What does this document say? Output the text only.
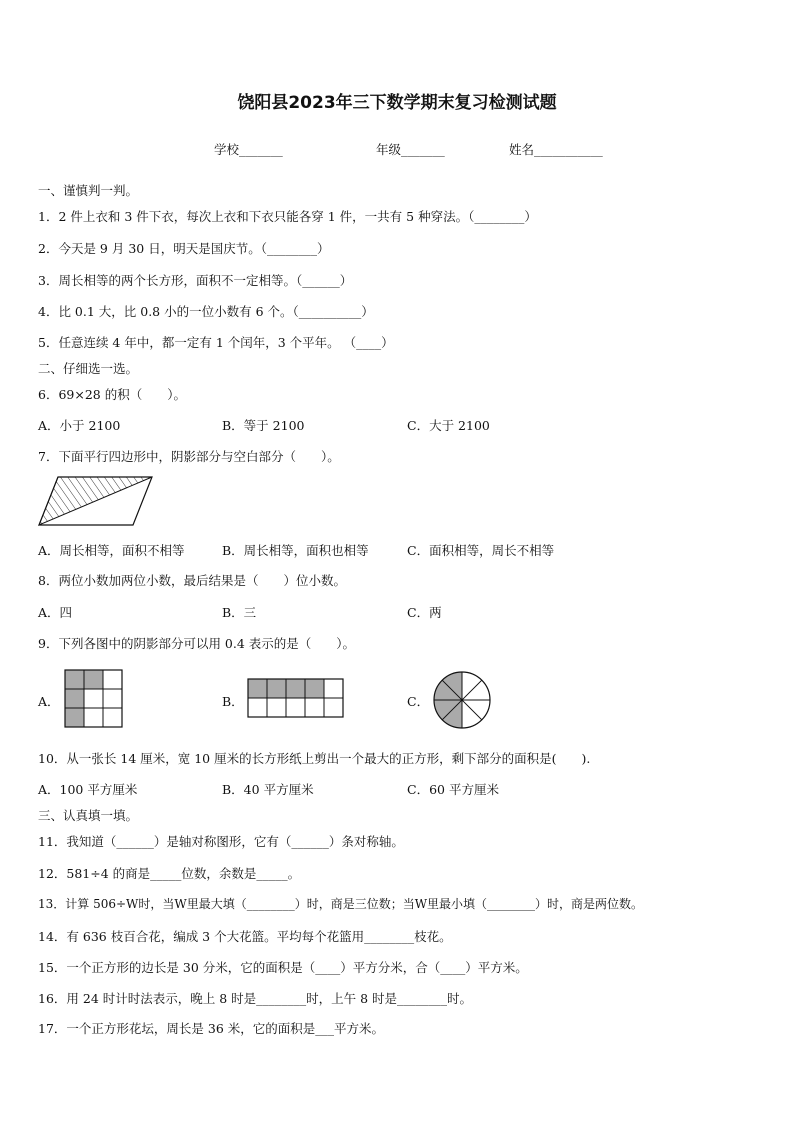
饶阳县2023年三下数学期末复习检测试题
学校_______	年级_______	姓名___________
一、谨慎判一判。
1．2 件上衣和 3 件下衣，每次上衣和下衣只能各穿 1 件，一共有 5 种穿法。（________）
2．今天是 9 月 30 日，明天是国庆节。（________）
3．周长相等的两个长方形，面积不一定相等。（______）
4．比 0.1 大，比 0.8 小的一位小数有 6 个。（__________）
5．任意连续 4 年中，都一定有 1 个闰年，3 个平年。 （____）
二、仔细选一选。
6．69×28 的积（　　）。
A．小于 2100	B．等于 2100	C．大于 2100
7．下面平行四边形中，阴影部分与空白部分（　　）。
A．周长相等，面积不相等	B．周长相等，面积也相等	C．面积相等，周长不相等
8．两位小数加两位小数，最后结果是（　　）位小数。
A．四	B．三	C．两
9．下列各图中的阴影部分可以用 0.4 表示的是（　　）。
A．	B．	C．
10．从一张长 14 厘米，宽 10 厘米的长方形纸上剪出一个最大的正方形，剩下部分的面积是(　　).
A．100 平方厘米	B．40 平方厘米	C．60 平方厘米
三、认真填一填。
11．我知道（______）是轴对称图形，它有（______）条对称轴。
12．581÷4 的商是_____位数，余数是_____。
13．计算 506÷W时，当W里最大填（________）时，商是三位数；当W里最小填（________）时，商是两位数。
14．有 636 枝百合花，编成 3 个大花篮。平均每个花篮用________枝花。
15．一个正方形的边长是 30 分米，它的面积是（____）平方分米，合（____）平方米。
16．用 24 时计时法表示，晚上 8 时是________时，上午 8 时是________时。
17．一个正方形花坛，周长是 36 米，它的面积是___平方米。
